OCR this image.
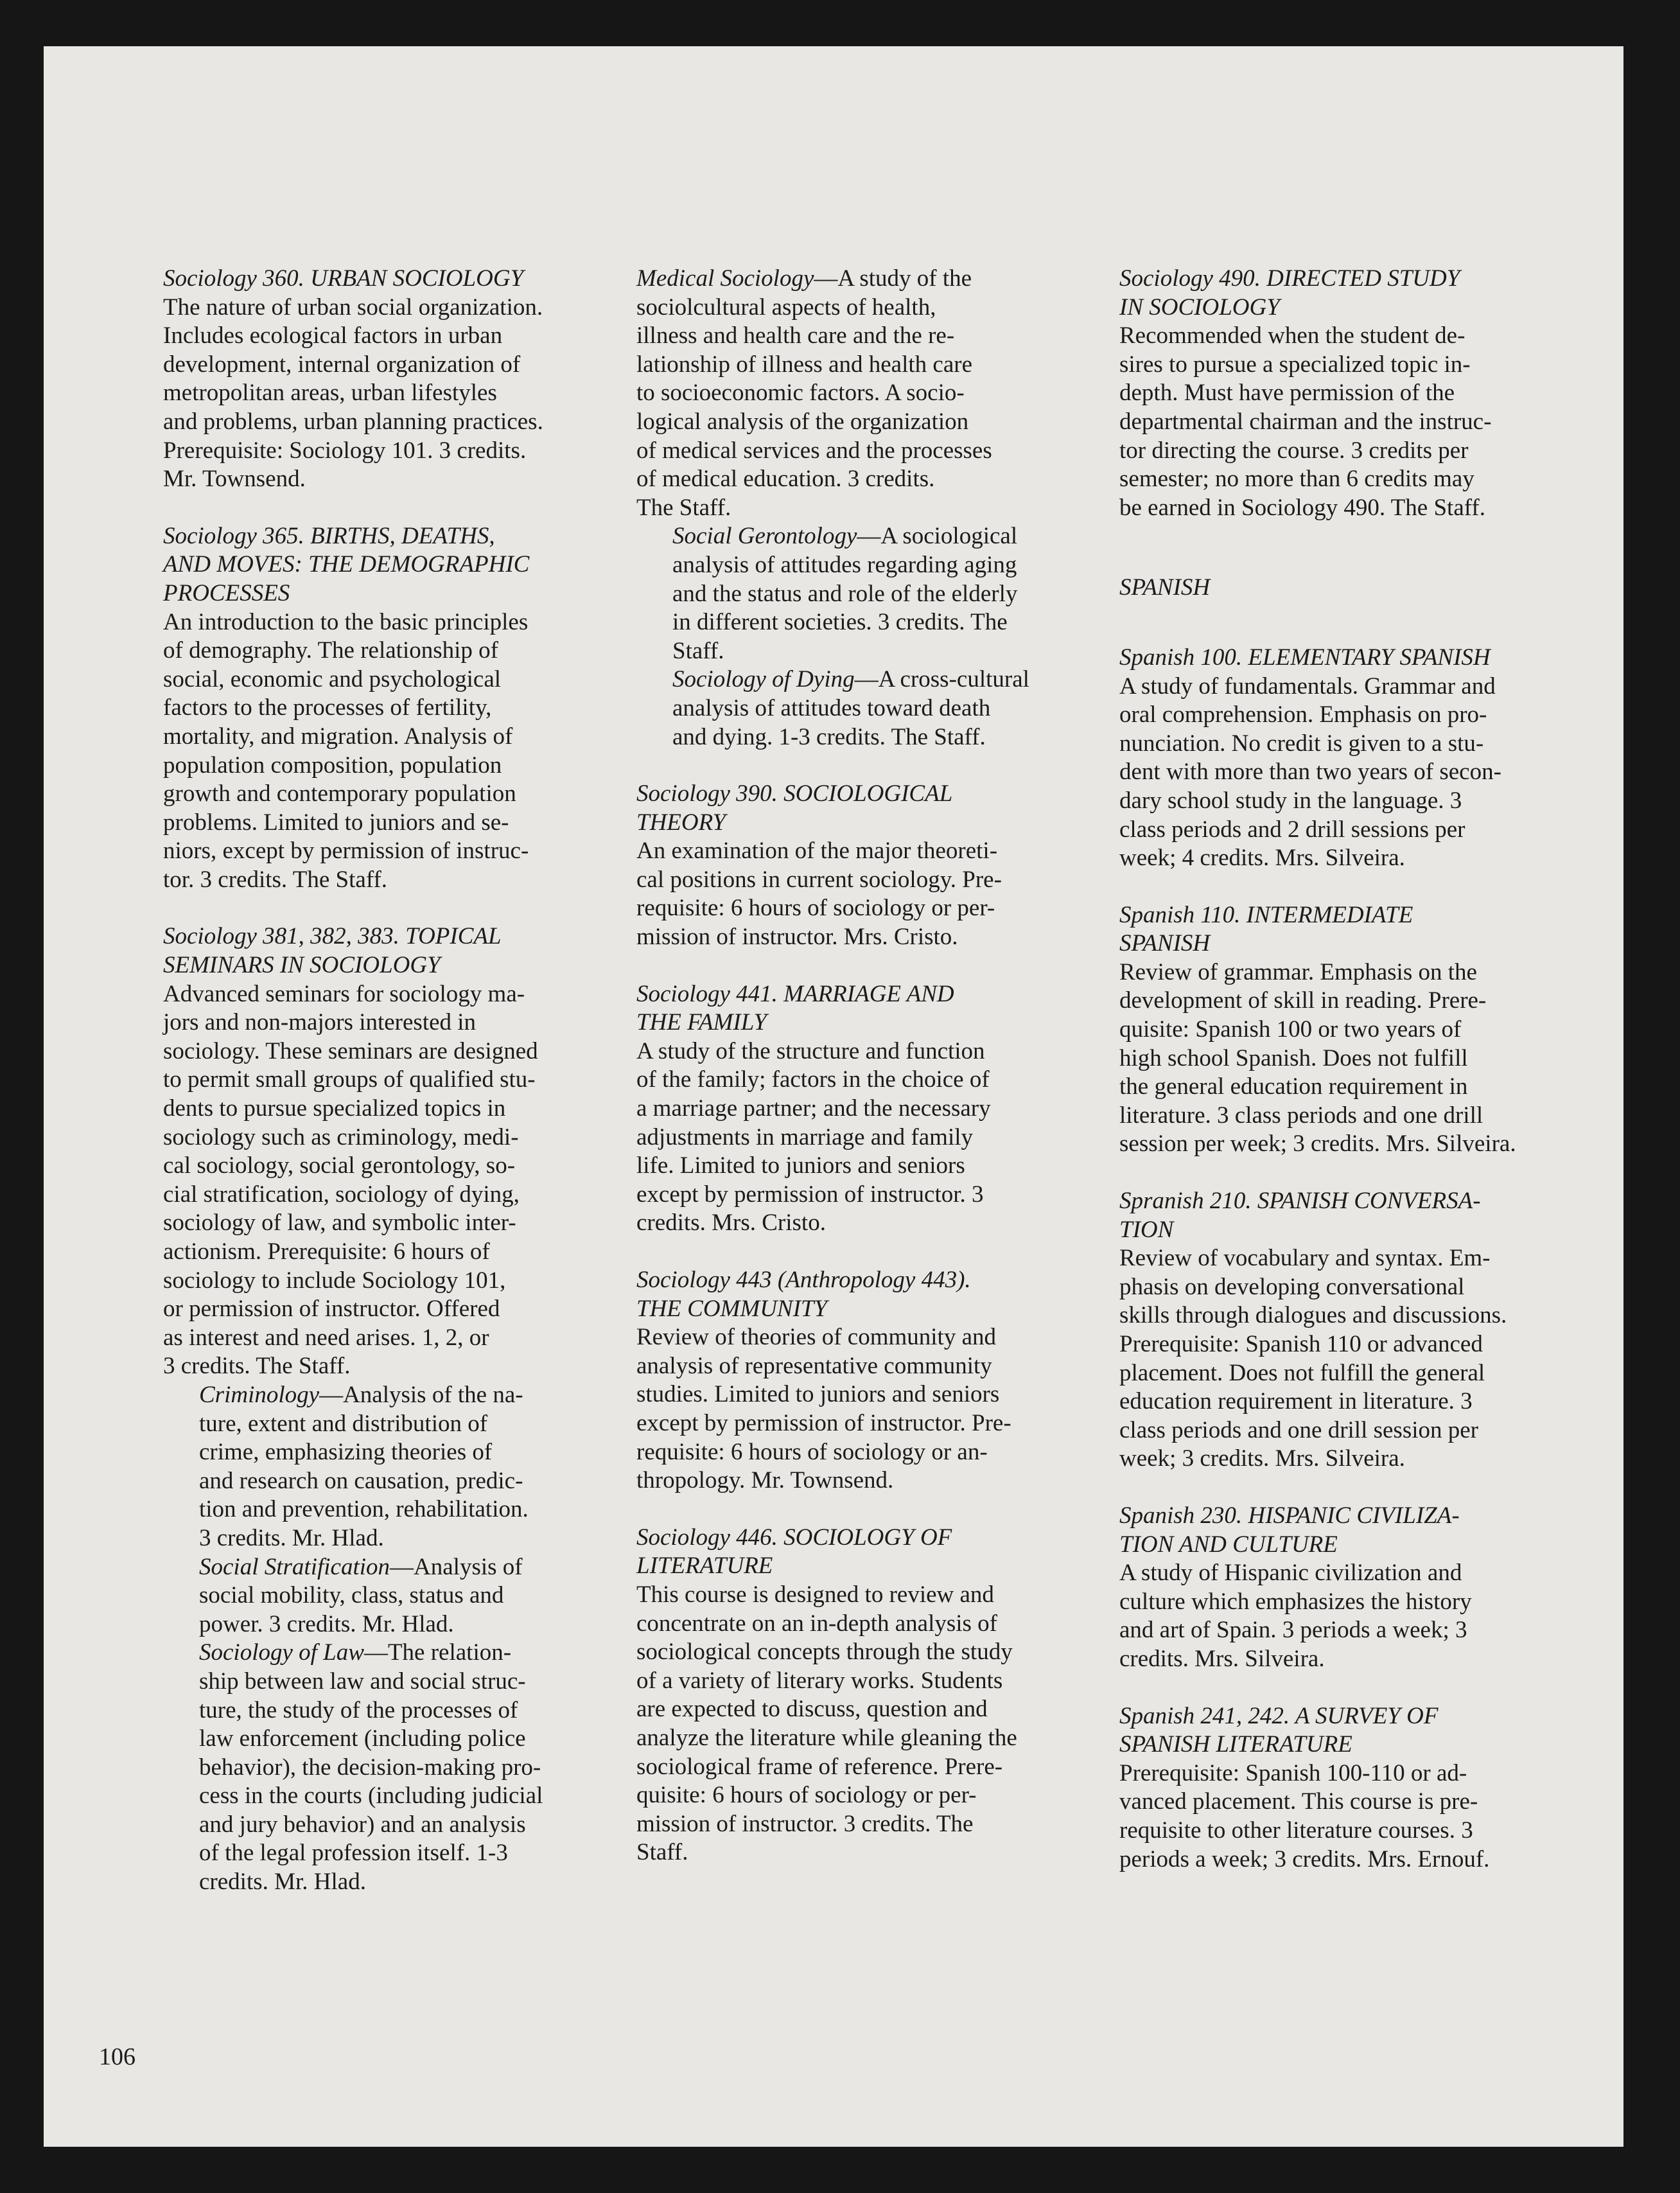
Sociology 360. URBAN SOCIOLOGY
The nature of urban social organization.
Includes ecological factors in urban
development, internal organization of
metropolitan areas, urban lifestyles
and problems, urban planning practices.
Prerequisite: Sociology 101. 3 credits.
Mr. Townsend.
Sociology 365. BIRTHS, DEATHS,
AND MOVES: THE DEMOGRAPHIC
PROCESSES
An introduction to the basic principles
of demography. The relationship of
social, economic and psychological
factors to the processes of fertility,
mortality, and migration. Analysis of
population composition, population
growth and contemporary population
problems. Limited to juniors and se-
niors, except by permission of instruc-
tor. 3 credits. The Staff.
Sociology 381, 382, 383. TOPICAL
SEMINARS IN SOCIOLOGY
Advanced seminars for sociology ma-
jors and non-majors interested in
sociology. These seminars are designed
to permit small groups of qualified stu-
dents to pursue specialized topics in
sociology such as criminology, medi-
cal sociology, social gerontology, so-
cial stratification, sociology of dying,
sociology of law, and symbolic inter-
actionism. Prerequisite: 6 hours of
sociology to include Sociology 101,
or permission of instructor. Offered
as interest and need arises. 1, 2, or
3 credits. The Staff.
Criminology—Analysis of the na-
ture, extent and distribution of
crime, emphasizing theories of
and research on causation, predic-
tion and prevention, rehabilitation.
3 credits. Mr. Hlad.
Social Stratification—Analysis of
social mobility, class, status and
power. 3 credits. Mr. Hlad.
Sociology of Law—The relation-
ship between law and social struc-
ture, the study of the processes of
law enforcement (including police
behavior), the decision-making pro-
cess in the courts (including judicial
and jury behavior) and an analysis
of the legal profession itself. 1-3
credits. Mr. Hlad.
Medical Sociology—A study of the
sociolcultural aspects of health,
illness and health care and the re-
lationship of illness and health care
to socioeconomic factors. A socio-
logical analysis of the organization
of medical services and the processes
of medical education. 3 credits.
The Staff.
Social Gerontology—A sociological
analysis of attitudes regarding aging
and the status and role of the elderly
in different societies. 3 credits. The
Staff.
Sociology of Dying—A cross-cultural
analysis of attitudes toward death
and dying. 1-3 credits. The Staff.
Sociology 390. SOCIOLOGICAL
THEORY
An examination of the major theoreti-
cal positions in current sociology. Pre-
requisite: 6 hours of sociology or per-
mission of instructor. Mrs. Cristo.
Sociology 441. MARRIAGE AND
THE FAMILY
A study of the structure and function
of the family; factors in the choice of
a marriage partner; and the necessary
adjustments in marriage and family
life. Limited to juniors and seniors
except by permission of instructor. 3
credits. Mrs. Cristo.
Sociology 443 (Anthropology 443).
THE COMMUNITY
Review of theories of community and
analysis of representative community
studies. Limited to juniors and seniors
except by permission of instructor. Pre-
requisite: 6 hours of sociology or an-
thropology. Mr. Townsend.
Sociology 446. SOCIOLOGY OF
LITERATURE
This course is designed to review and
concentrate on an in-depth analysis of
sociological concepts through the study
of a variety of literary works. Students
are expected to discuss, question and
analyze the literature while gleaning the
sociological frame of reference. Prere-
quisite: 6 hours of sociology or per-
mission of instructor. 3 credits. The
Staff.
Sociology 490. DIRECTED STUDY
IN SOCIOLOGY
Recommended when the student de-
sires to pursue a specialized topic in-
depth. Must have permission of the
departmental chairman and the instruc-
tor directing the course. 3 credits per
semester; no more than 6 credits may
be earned in Sociology 490. The Staff.
SPANISH
Spanish 100. ELEMENTARY SPANISH
A study of fundamentals. Grammar and
oral comprehension. Emphasis on pro-
nunciation. No credit is given to a stu-
dent with more than two years of secon-
dary school study in the language. 3
class periods and 2 drill sessions per
week; 4 credits. Mrs. Silveira.
Spanish 110. INTERMEDIATE
SPANISH
Review of grammar. Emphasis on the
development of skill in reading. Prere-
quisite: Spanish 100 or two years of
high school Spanish. Does not fulfill
the general education requirement in
literature. 3 class periods and one drill
session per week; 3 credits. Mrs. Silveira.
Spranish 210. SPANISH CONVERSA-
TION
Review of vocabulary and syntax. Em-
phasis on developing conversational
skills through dialogues and discussions.
Prerequisite: Spanish 110 or advanced
placement. Does not fulfill the general
education requirement in literature. 3
class periods and one drill session per
week; 3 credits. Mrs. Silveira.
Spanish 230. HISPANIC CIVILIZA-
TION AND CULTURE
A study of Hispanic civilization and
culture which emphasizes the history
and art of Spain. 3 periods a week; 3
credits. Mrs. Silveira.
Spanish 241, 242. A SURVEY OF
SPANISH LITERATURE
Prerequisite: Spanish 100-110 or ad-
vanced placement. This course is pre-
requisite to other literature courses. 3
periods a week; 3 credits. Mrs. Ernouf.
106
